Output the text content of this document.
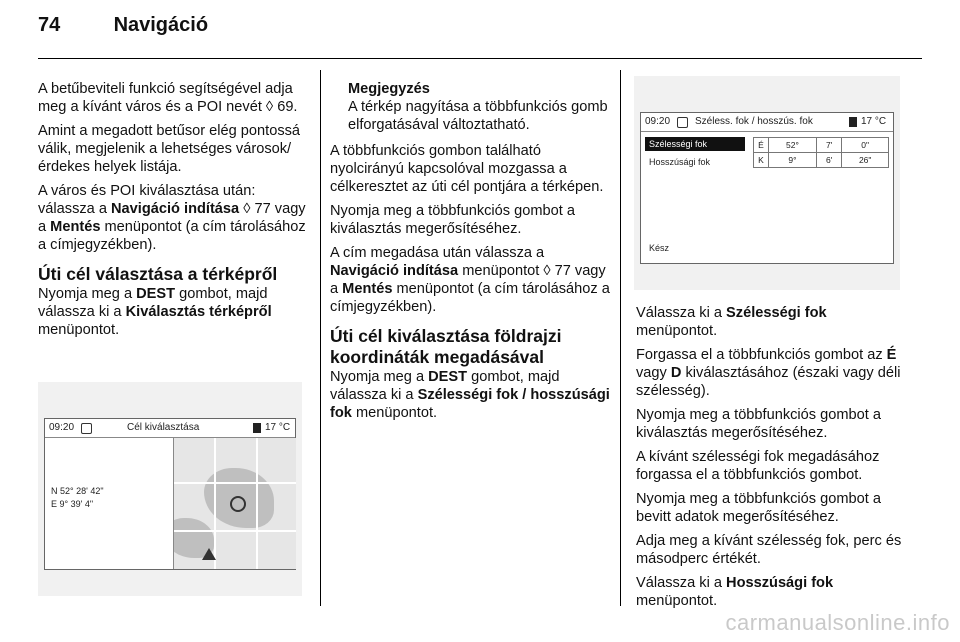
74	Navigáció

A betűbeviteli funkció segítségével adja meg a kívánt város és a POI nevét ◊ 69.

Amint a megadott betűsor elég pontossá válik, megjelenik a lehetséges városok/érdekes helyek listája.

A város és POI kiválasztása után: válassza a Navigáció indítása ◊ 77 vagy a Mentés menüpontot (a cím tárolásához a címjegyzékben).

Úti cél választása a térképről

Nyomja meg a DEST gombot, majd válassza ki a Kiválasztás térképről menüpontot.

09:20	Cél kiválasztása	17 °C
N 52° 28' 42"
E 9° 39' 4"
Megjegyzés
A térkép nagyítása a többfunkciós gomb elforgatásával változtatható.

A többfunkciós gombon található nyolcirányú kapcsolóval mozgassa a célkeresztet az úti cél pontjára a térképen.

Nyomja meg a többfunkciós gombot a kiválasztás megerősítéséhez.

A cím megadása után válassza a Navigáció indítása menüpontot ◊ 77 vagy a Mentés menüpontot (a cím tárolásához a címjegyzékben).

Úti cél kiválasztása földrajzi koordináták megadásával

Nyomja meg a DEST gombot, majd válassza ki a Szélességi fok / hosszúsági fok menüpontot.

09:20 Széless. fok / hosszús. fok	17 °C
Szélességi fok
Hosszúsági fok
Kész
É	52°	7'	0"
K	9°	6'	26"

Válassza ki a Szélességi fok menüpontot.

Forgassa el a többfunkciós gombot az É vagy D kiválasztásához (északi vagy déli szélesség).

Nyomja meg a többfunkciós gombot a kiválasztás megerősítéséhez.

A kívánt szélességi fok megadásához forgassa el a többfunkciós gombot.

Nyomja meg a többfunkciós gombot a bevitt adatok megerősítéséhez.

Adja meg a kívánt szélesség fok, perc és másodperc értékét.

Válassza ki a Hosszúsági fok menüpontot.

carmanualsonline.info
